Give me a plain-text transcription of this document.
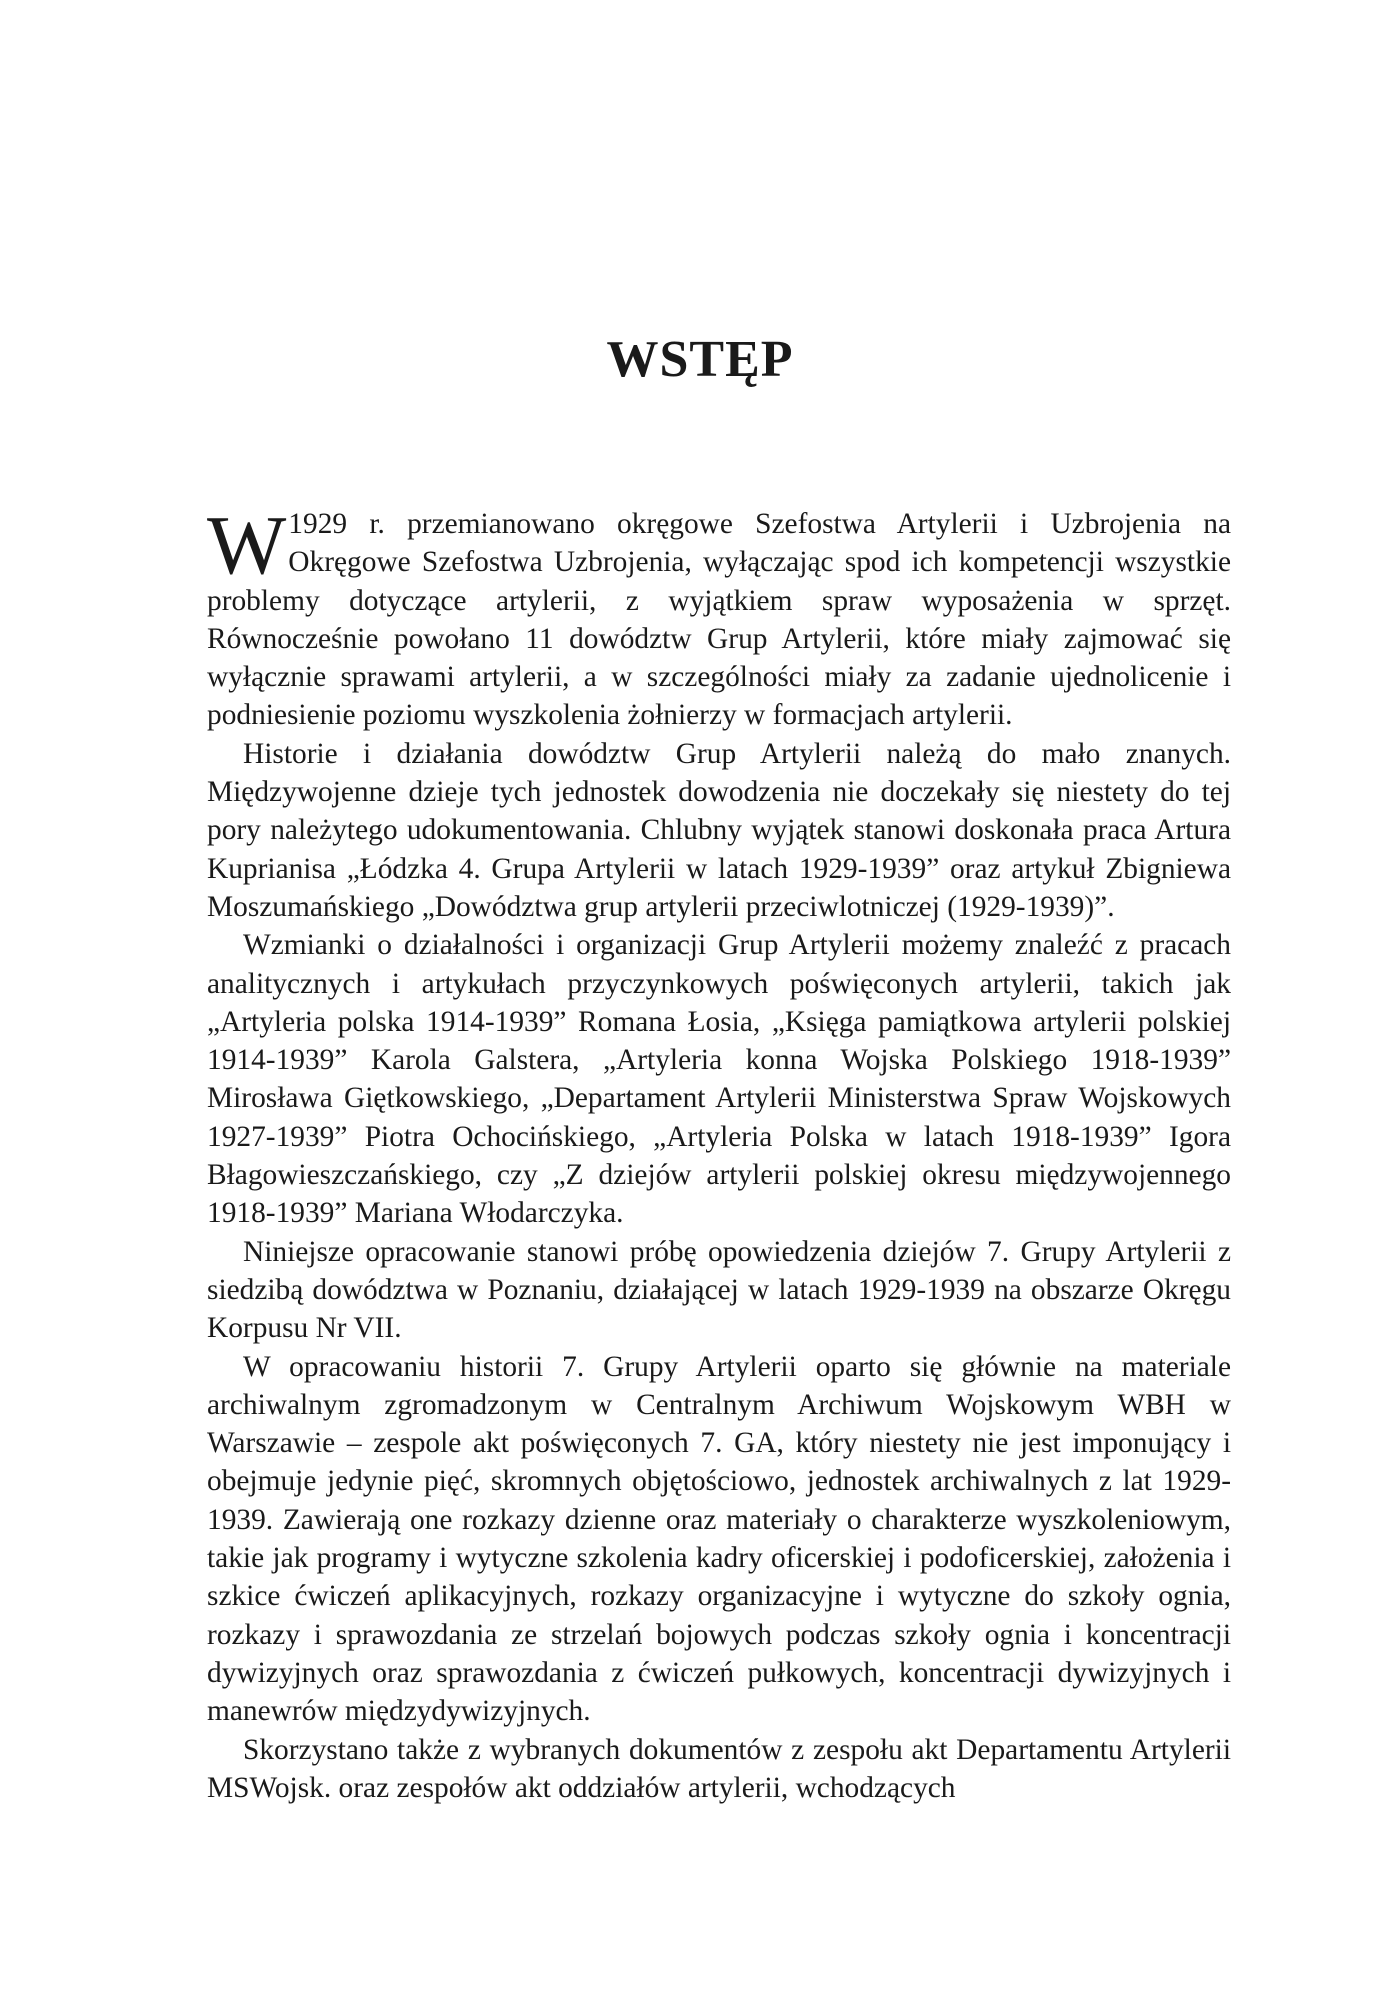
WSTĘP

W 1929 r. przemianowano okręgowe Szefostwa Artylerii i Uzbrojenia na Okręgowe Szefostwa Uzbrojenia, wyłączając spod ich kompetencji wszystkie problemy dotyczące artylerii, z wyjątkiem spraw wyposażenia w sprzęt. Równocześnie powołano 11 dowództw Grup Artylerii, które miały zajmować się wyłącznie sprawami artylerii, a w szczególności miały za zadanie ujednolicenie i podniesienie poziomu wyszkolenia żołnierzy w formacjach artylerii.

Historie i działania dowództw Grup Artylerii należą do mało znanych. Międzywojenne dzieje tych jednostek dowodzenia nie doczekały się niestety do tej pory należytego udokumentowania. Chlubny wyjątek stanowi doskonała praca Artura Kuprianisa „Łódzka 4. Grupa Artylerii w latach 1929-1939” oraz artykuł Zbigniewa Moszumańskiego „Dowództwa grup artylerii przeciwlotniczej (1929-1939)”.

Wzmianki o działalności i organizacji Grup Artylerii możemy znaleźć z pracach analitycznych i artykułach przyczynkowych poświęconych artylerii, takich jak „Artyleria polska 1914-1939” Romana Łosia, „Księga pamiątkowa artylerii polskiej 1914-1939” Karola Galstera, „Artyleria konna Wojska Polskiego 1918-1939” Mirosława Giętkowskiego, „Departament Artylerii Ministerstwa Spraw Wojskowych 1927-1939” Piotra Ochocińskiego, „Artyleria Polska w latach 1918-1939” Igora Błagowieszczańskiego, czy „Z dziejów artylerii polskiej okresu międzywojennego 1918-1939” Mariana Włodarczyka.

Niniejsze opracowanie stanowi próbę opowiedzenia dziejów 7. Grupy Artylerii z siedzibą dowództwa w Poznaniu, działającej w latach 1929-1939 na obszarze Okręgu Korpusu Nr VII.

W opracowaniu historii 7. Grupy Artylerii oparto się głównie na materiale archiwalnym zgromadzonym w Centralnym Archiwum Wojskowym WBH w Warszawie – zespole akt poświęconych 7. GA, który niestety nie jest imponujący i obejmuje jedynie pięć, skromnych objętościowo, jednostek archiwalnych z lat 1929-1939. Zawierają one rozkazy dzienne oraz materiały o charakterze wyszkoleniowym, takie jak programy i wytyczne szkolenia kadry oficerskiej i podoficerskiej, założenia i szkice ćwiczeń aplikacyjnych, rozkazy organizacyjne i wytyczne do szkoły ognia, rozkazy i sprawozdania ze strzelań bojowych podczas szkoły ognia i koncentracji dywizyjnych oraz sprawozdania z ćwiczeń pułkowych, koncentracji dywizyjnych i manewrów międzydywizyjnych.

Skorzystano także z wybranych dokumentów z zespołu akt Departamentu Artylerii MSWojsk. oraz zespołów akt oddziałów artylerii, wchodzących
